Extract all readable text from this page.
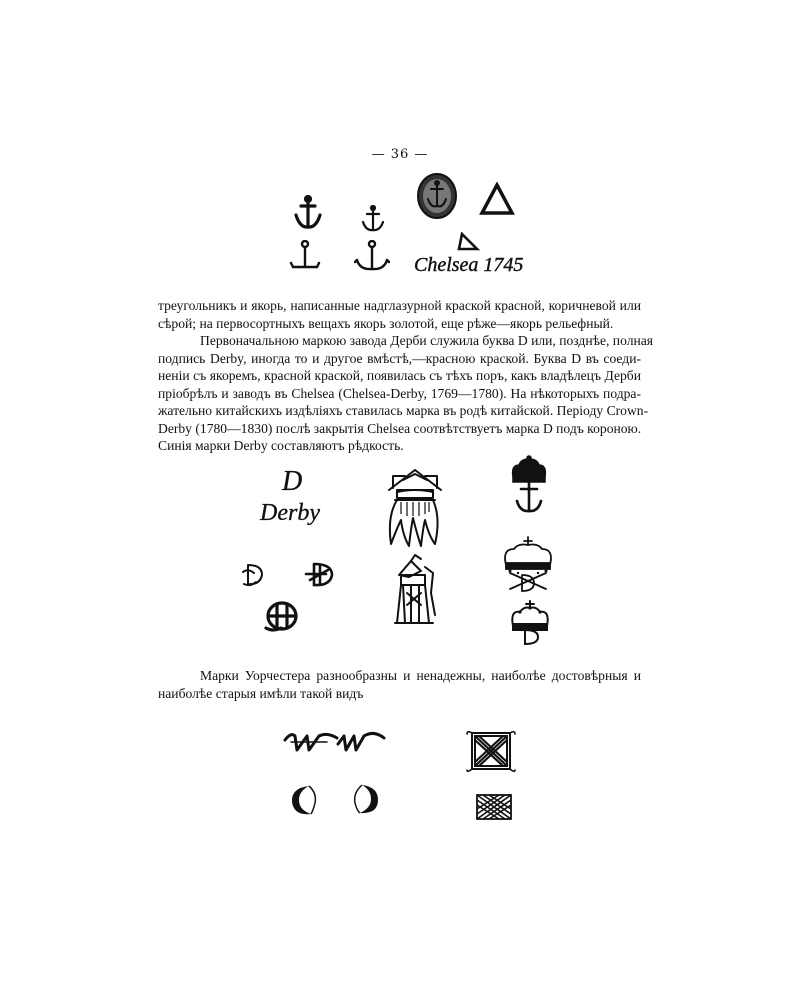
— 36 —
Chelsea 1745
треугольникъ и якорь, написанные надглазурной краской красной, коричневой или
сѣрой; на первосортныхъ вещахъ якорь золотой, еще рѣже—якорь рельефный.
Первоначальною маркою завода Дерби служила буква D или, позднѣе, полная
подпись Derby, иногда то и другое вмѣстѣ,—красною краской. Буква D въ соеди-
неніи съ якоремъ, красной краской, появилась съ тѣхъ поръ, какъ владѣлецъ Дерби
пріобрѣлъ и заводъ въ Chelsea (Chelsea-Derby, 1769—1780). На нѣкоторыхъ подра-
жательно китайскихъ издѣліяхъ ставилась марка въ родѣ китайской. Періоду Crown-
Derby (1780—1830) послѣ закрытія Chelsea соотвѣтствуетъ марка D подъ короною.
Синія марки Derby составляютъ рѣдкость.
D
Derby
Марки Уорчестера разнообразны и ненадежны, наиболѣе достовѣрныя и
наиболѣе старыя имѣли такой видъ
